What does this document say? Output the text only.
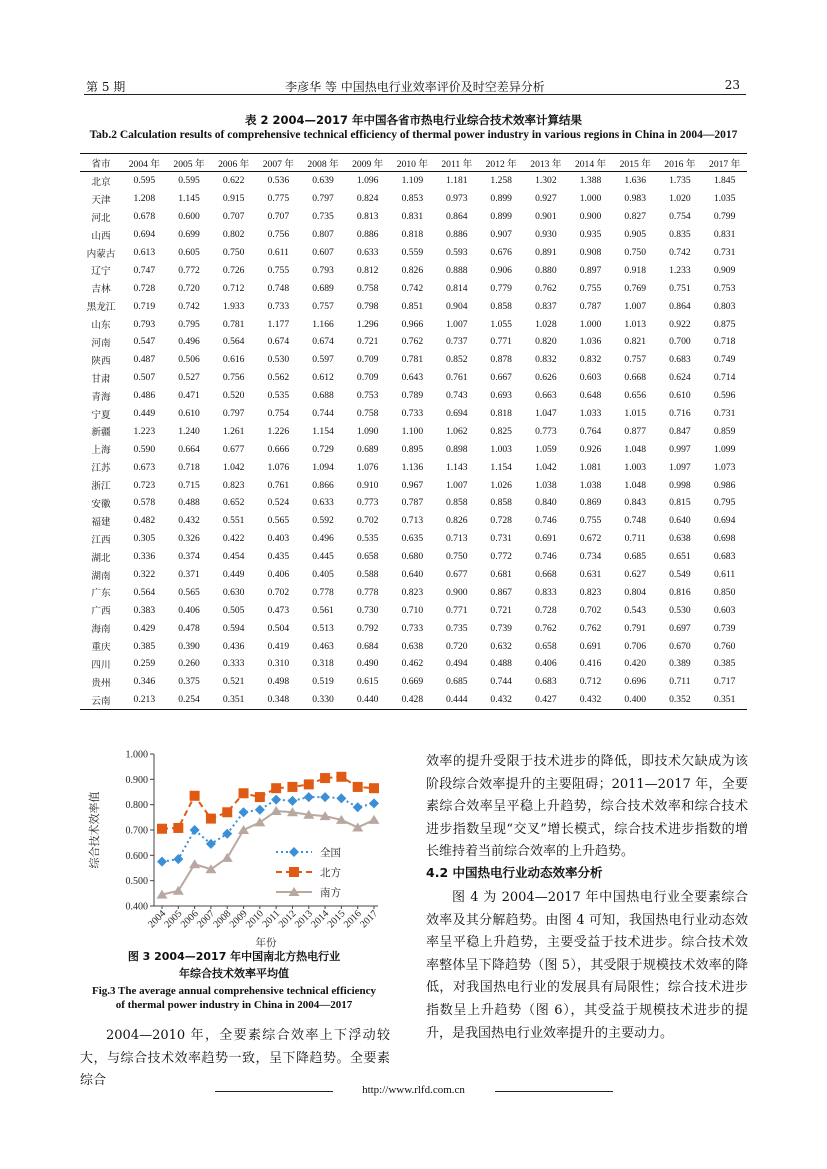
第 5 期	李彦华 等 中国热电行业效率评价及时空差异分析	23
表 2 2004—2017 年中国各省市热电行业综合技术效率计算结果
Tab.2 Calculation results of comprehensive technical efficiency of thermal power industry in various regions in China in 2004—2017
省市	2004 年	2005 年	2006 年	2007 年	2008 年	2009 年	2010 年	2011 年	2012 年	2013 年	2014 年	2015 年	2016 年	2017 年
北京	0.595	0.595	0.622	0.536	0.639	1.096	1.109	1.181	1.258	1.302	1.388	1.636	1.735	1.845
天津	1.208	1.145	0.915	0.775	0.797	0.824	0.853	0.973	0.899	0.927	1.000	0.983	1.020	1.035
河北	0.678	0.600	0.707	0.707	0.735	0.813	0.831	0.864	0.899	0.901	0.900	0.827	0.754	0.799
山西	0.694	0.699	0.802	0.756	0.807	0.886	0.818	0.886	0.907	0.930	0.935	0.905	0.835	0.831
内蒙古	0.613	0.605	0.750	0.611	0.607	0.633	0.559	0.593	0.676	0.891	0.908	0.750	0.742	0.731
辽宁	0.747	0.772	0.726	0.755	0.793	0.812	0.826	0.888	0.906	0.880	0.897	0.918	1.233	0.909
吉林	0.728	0.720	0.712	0.748	0.689	0.758	0.742	0.814	0.779	0.762	0.755	0.769	0.751	0.753
黑龙江	0.719	0.742	1.933	0.733	0.757	0.798	0.851	0.904	0.858	0.837	0.787	1.007	0.864	0.803
山东	0.793	0.795	0.781	1.177	1.166	1.296	0.966	1.007	1.055	1.028	1.000	1.013	0.922	0.875
河南	0.547	0.496	0.564	0.674	0.674	0.721	0.762	0.737	0.771	0.820	1.036	0.821	0.700	0.718
陕西	0.487	0.506	0.616	0.530	0.597	0.709	0.781	0.852	0.878	0.832	0.832	0.757	0.683	0.749
甘肃	0.507	0.527	0.756	0.562	0.612	0.709	0.643	0.761	0.667	0.626	0.603	0.668	0.624	0.714
青海	0.486	0.471	0.520	0.535	0.688	0.753	0.789	0.743	0.693	0.663	0.648	0.656	0.610	0.596
宁夏	0.449	0.610	0.797	0.754	0.744	0.758	0.733	0.694	0.818	1.047	1.033	1.015	0.716	0.731
新疆	1.223	1.240	1.261	1.226	1.154	1.090	1.100	1.062	0.825	0.773	0.764	0.877	0.847	0.859
上海	0.590	0.664	0.677	0.666	0.729	0.689	0.895	0.898	1.003	1.059	0.926	1.048	0.997	1.099
江苏	0.673	0.718	1.042	1.076	1.094	1.076	1.136	1.143	1.154	1.042	1.081	1.003	1.097	1.073
浙江	0.723	0.715	0.823	0.761	0.866	0.910	0.967	1.007	1.026	1.038	1.038	1.048	0.998	0.986
安徽	0.578	0.488	0.652	0.524	0.633	0.773	0.787	0.858	0.858	0.840	0.869	0.843	0.815	0.795
福建	0.482	0.432	0.551	0.565	0.592	0.702	0.713	0.826	0.728	0.746	0.755	0.748	0.640	0.694
江西	0.305	0.326	0.422	0.403	0.496	0.535	0.635	0.713	0.731	0.691	0.672	0.711	0.638	0.698
湖北	0.336	0.374	0.454	0.435	0.445	0.658	0.680	0.750	0.772	0.746	0.734	0.685	0.651	0.683
湖南	0.322	0.371	0.449	0.406	0.405	0.588	0.640	0.677	0.681	0.668	0.631	0.627	0.549	0.611
广东	0.564	0.565	0.630	0.702	0.778	0.778	0.823	0.900	0.867	0.833	0.823	0.804	0.816	0.850
广西	0.383	0.406	0.505	0.473	0.561	0.730	0.710	0.771	0.721	0.728	0.702	0.543	0.530	0.603
海南	0.429	0.478	0.594	0.504	0.513	0.792	0.733	0.735	0.739	0.762	0.762	0.791	0.697	0.739
重庆	0.385	0.390	0.436	0.419	0.463	0.684	0.638	0.720	0.632	0.658	0.691	0.706	0.670	0.760
四川	0.259	0.260	0.333	0.310	0.318	0.490	0.462	0.494	0.488	0.406	0.416	0.420	0.389	0.385
贵州	0.346	0.375	0.521	0.498	0.519	0.615	0.669	0.685	0.744	0.683	0.712	0.696	0.711	0.717
云南	0.213	0.254	0.351	0.348	0.330	0.440	0.428	0.444	0.432	0.427	0.432	0.400	0.352	0.351
0.400
0.500
0.600
0.700
0.800
0.900
1.000
2004
2005
2006
2007
2008
2009
2010
2011
2012
2013
2014
2015
2016
2017
综合技术效率值
年份
全国
北方
南方
图 3 2004—2017 年中国南北方热电行业
年综合技术效率平均值
Fig.3 The average annual comprehensive technical efficiency
of thermal power industry in China in 2004—2017
2004—2010 年，全要素综合效率上下浮动较大，与综合技术效率趋势一致，呈下降趋势。全要素综合
效率的提升受限于技术进步的降低，即技术欠缺成为该阶段综合效率提升的主要阻碍；2011—2017 年，全要素综合效率呈平稳上升趋势，综合技术效率和综合技术进步指数呈现“交叉”增长模式，综合技术进步指数的增长维持着当前综合效率的上升趋势。
4.2 中国热电行业动态效率分析
图 4 为 2004—2017 年中国热电行业全要素综合效率及其分解趋势。由图 4 可知，我国热电行业动态效率呈平稳上升趋势，主要受益于技术进步。综合技术效率整体呈下降趋势（图 5），其受限于规模技术效率的降低，对我国热电行业的发展具有局限性；综合技术进步指数呈上升趋势（图 6），其受益于规模技术进步的提升，是我国热电行业效率提升的主要动力。
http://www.rlfd.com.cn
